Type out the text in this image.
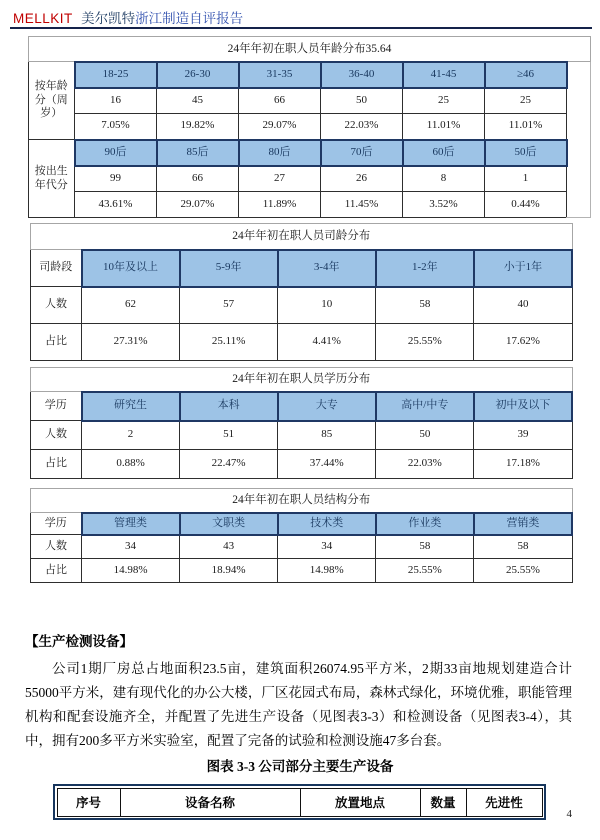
MELLKIT 美尔凯特浙江制造自评报告
24年年初在职人员年龄分布35.64							
按年龄分（周岁）	18-25	26-30	31-35	36-40	41-45	≥46	
	16	45	66	50	25	25	
	7.05%	19.82%	29.07%	22.03%	11.01%	11.01%	
按出生年代分	90后	85后	80后	70后	60后	50后	
	99	66	27	26	8	1	
	43.61%	29.07%	11.89%	11.45%	3.52%	0.44%	
24年年初在职人员司龄分布					
司龄段	10年及以上	5-9年	3-4年	1-2年	小于1年
人数	62	57	10	58	40
占比	27.31%	25.11%	4.41%	25.55%	17.62%
24年年初在职人员学历分布					
学历	研究生	本科	大专	高中/中专	初中及以下
人数	2	51	85	50	39
占比	0.88%	22.47%	37.44%	22.03%	17.18%
24年年初在职人员结构分布					
学历	管理类	文职类	技术类	作业类	营销类
人数	34	43	34	58	58
占比	14.98%	18.94%	14.98%	25.55%	25.55%
【生产检测设备】

公司1期厂房总占地面积23.5亩，建筑面积26074.95平方米，2期33亩地规划建造合计55000平方米，建有现代化的办公大楼，厂区花园式布局，森林式绿化，环境优雅，职能管理机构和配套设施齐全，并配置了先进生产设备（见图表3-3）和检测设备（见图表3-4），其中，拥有200多平方米实验室，配置了完备的试验和检测设施47多台套。

图表 3-3 公司部分主要生产设备
序号	设备名称	放置地点	数量	先进性
4
